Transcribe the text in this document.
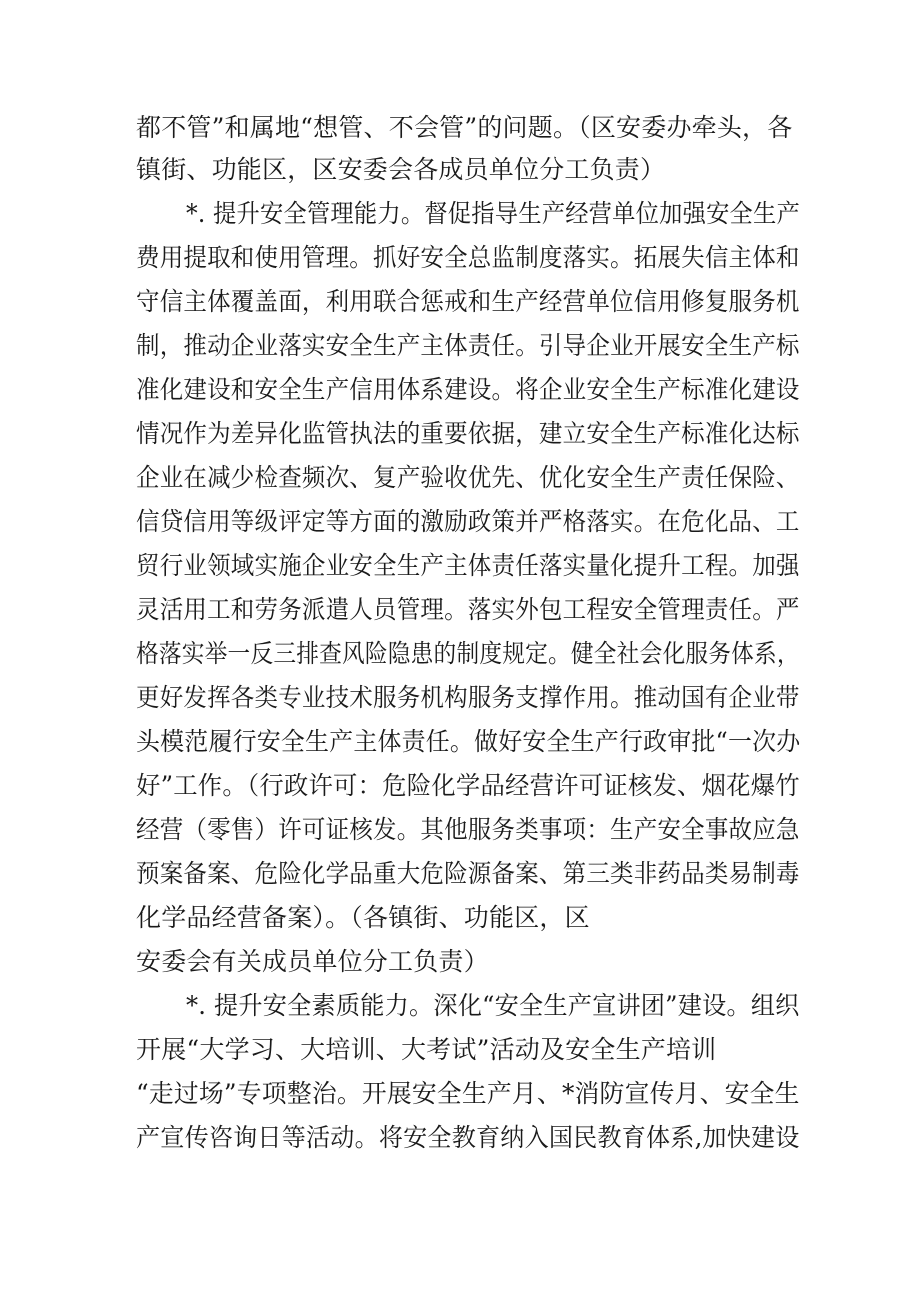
都不管”和属地“想管、不会管”的问题。（区安委办牵头，各
镇街、功能区，区安委会各成员单位分工负责）
*. 提升安全管理能力。督促指导生产经营单位加强安全生产
费用提取和使用管理。抓好安全总监制度落实。拓展失信主体和
守信主体覆盖面，利用联合惩戒和生产经营单位信用修复服务机
制，推动企业落实安全生产主体责任。引导企业开展安全生产标
准化建设和安全生产信用体系建设。将企业安全生产标准化建设
情况作为差异化监管执法的重要依据，建立安全生产标准化达标
企业在减少检查频次、复产验收优先、优化安全生产责任保险、
信贷信用等级评定等方面的激励政策并严格落实。在危化品、工
贸行业领域实施企业安全生产主体责任落实量化提升工程。加强
灵活用工和劳务派遣人员管理。落实外包工程安全管理责任。严
格落实举一反三排查风险隐患的制度规定。健全社会化服务体系，
更好发挥各类专业技术服务机构服务支撑作用。推动国有企业带
头模范履行安全生产主体责任。做好安全生产行政审批“一次办
好”工作。（行政许可：危险化学品经营许可证核发、烟花爆竹
经营（零售）许可证核发。其他服务类事项：生产安全事故应急
预案备案、危险化学品重大危险源备案、第三类非药品类易制毒
化学品经营备案）。（各镇街、功能区，区
安委会有关成员单位分工负责）
*. 提升安全素质能力。深化“安全生产宣讲团”建设。组织
开展“大学习、大培训、大考试”活动及安全生产培训
“走过场”专项整治。开展安全生产月、*消防宣传月、安全生
产宣传咨询日等活动。将安全教育纳入国民教育体系,加快建设
